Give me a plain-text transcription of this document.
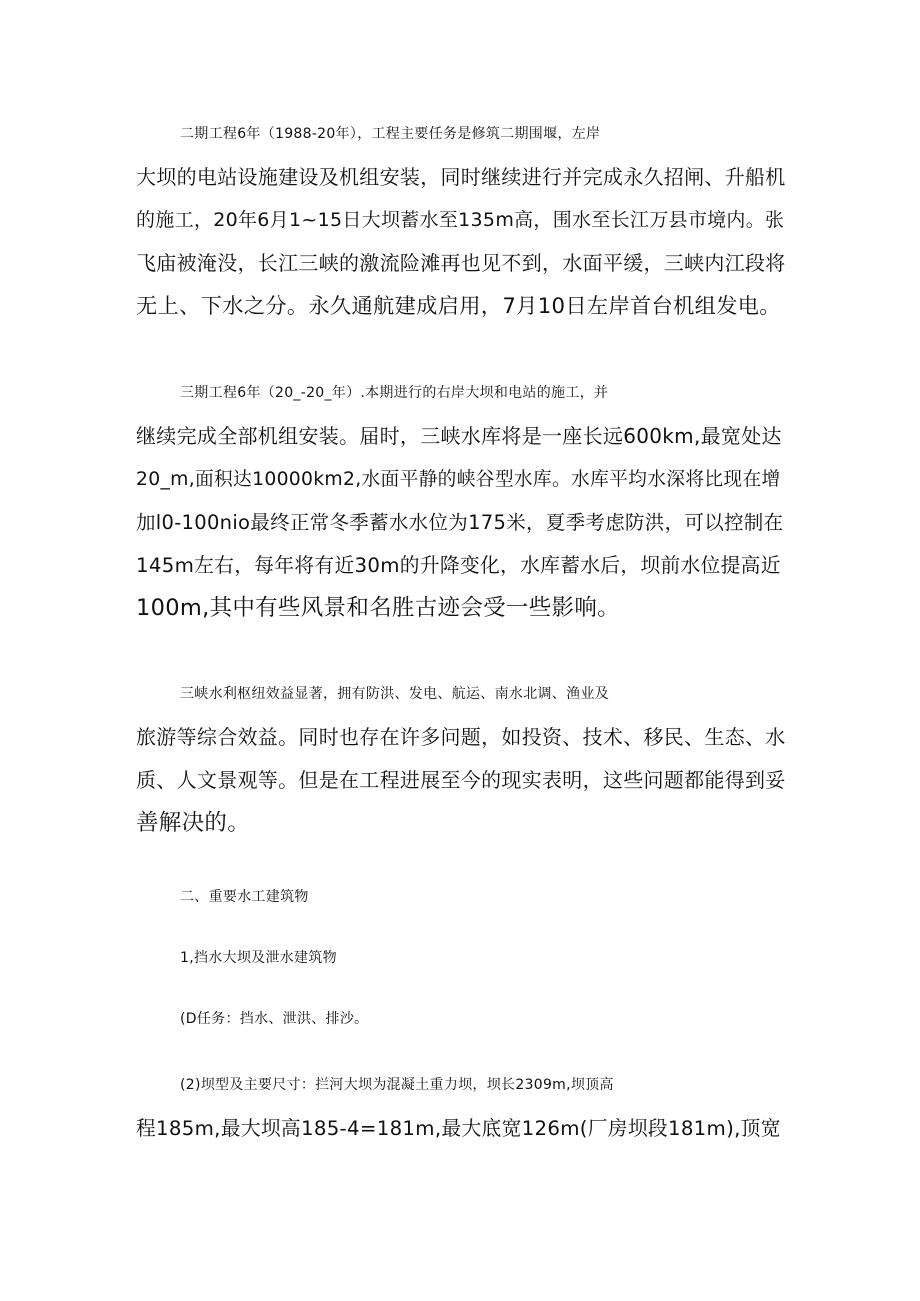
二期工程6年（1988-20年），工程主要任务是修筑二期围堰，左岸
大坝的电站设施建设及机组安装，同时继续进行并完成永久招闸、升船机
的施工，20年6月1~15日大坝蓄水至135m高，围水至长江万县市境内。张
飞庙被淹没，长江三峡的激流险滩再也见不到，水面平缓，三峡内江段将
无上、下水之分。永久通航建成启用，7月10日左岸首台机组发电。
三期工程6年（20_-20_年）.本期进行的右岸大坝和电站的施工，并
继续完成全部机组安装。届时，三峡水库将是一座长远600km,最宽处达
20_m,面积达10000km2,水面平静的峡谷型水库。水库平均水深将比现在增
加l0-100nio最终正常冬季蓄水水位为175米，夏季考虑防洪，可以控制在
145m左右，每年将有近30m的升降变化，水库蓄水后，坝前水位提高近
100m,其中有些风景和名胜古迹会受一些影响。
三峡水利枢纽效益显著，拥有防洪、发电、航运、南水北调、渔业及
旅游等综合效益。同时也存在许多问题，如投资、技术、移民、生态、水
质、人文景观等。但是在工程进展至今的现实表明，这些问题都能得到妥
善解决的。
二、重要水工建筑物
1,挡水大坝及泄水建筑物
(D任务：挡水、泄洪、排沙。
(2)坝型及主要尺寸：拦河大坝为混凝土重力坝，坝长2309m,坝顶高
程185m,最大坝高185-4=181m,最大底宽126m(厂房坝段181m),顶宽
